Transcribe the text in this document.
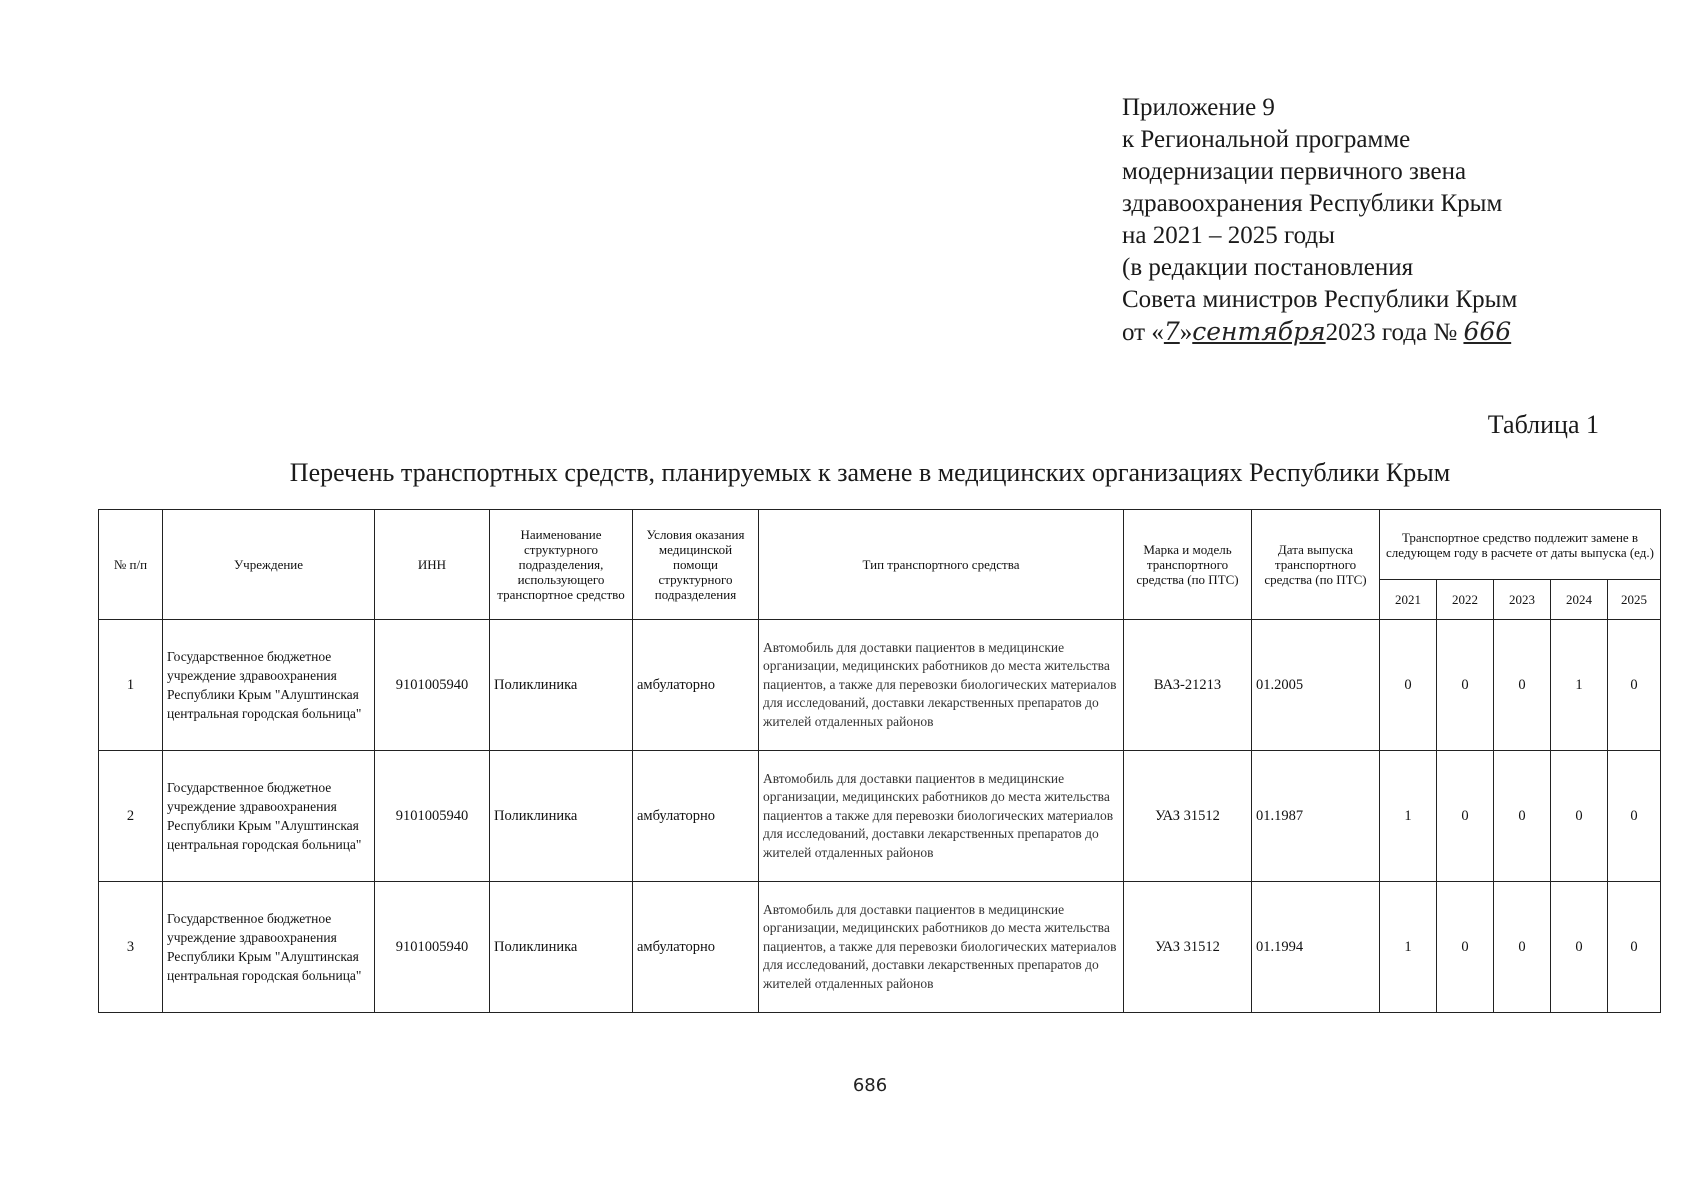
Приложение 9
к Региональной программе
модернизации первичного звена
здравоохранения Республики Крым
на 2021 – 2025 годы
(в редакции постановления
Совета министров Республики Крым
от «7»сентября2023 года № 666
Таблица 1
Перечень транспортных средств, планируемых к замене в медицинских организациях Республики Крым
№ п/п	Учреждение	ИНН	Наименование структурного подразделения, использующего транспортное средство	Условия оказания медицинской помощи структурного подразделения	Тип транспортного средства	Марка и модель транспортного средства (по ПТС)	Дата выпуска транспортного средства (по ПТС)	Транспортное средство подлежит замене в следующем году в расчете от даты выпуска (ед.)				
								2021	2022	2023	2024	2025
1	Государственное бюджетное учреждение здравоохранения Республики Крым "Алуштинская центральная городская больница"	9101005940	Поликлиника	амбулаторно	Автомобиль для доставки пациентов в медицинские организации, медицинских работников до места жительства пациентов, а также для перевозки биологических материалов для исследований, доставки лекарственных препаратов до жителей отдаленных районов	ВАЗ-21213	01.2005	0	0	0	1	0
2	Государственное бюджетное учреждение здравоохранения Республики Крым "Алуштинская центральная городская больница"	9101005940	Поликлиника	амбулаторно	Автомобиль для доставки пациентов в медицинские организации, медицинских работников до места жительства пациентов а также для перевозки биологических материалов для исследований, доставки лекарственных препаратов до жителей отдаленных районов	УАЗ 31512	01.1987	1	0	0	0	0
3	Государственное бюджетное учреждение здравоохранения Республики Крым "Алуштинская центральная городская больница"	9101005940	Поликлиника	амбулаторно	Автомобиль для доставки пациентов в медицинские организации, медицинских работников до места жительства пациентов, а также для перевозки биологических материалов для исследований, доставки лекарственных препаратов до жителей отдаленных районов	УАЗ 31512	01.1994	1	0	0	0	0
686
